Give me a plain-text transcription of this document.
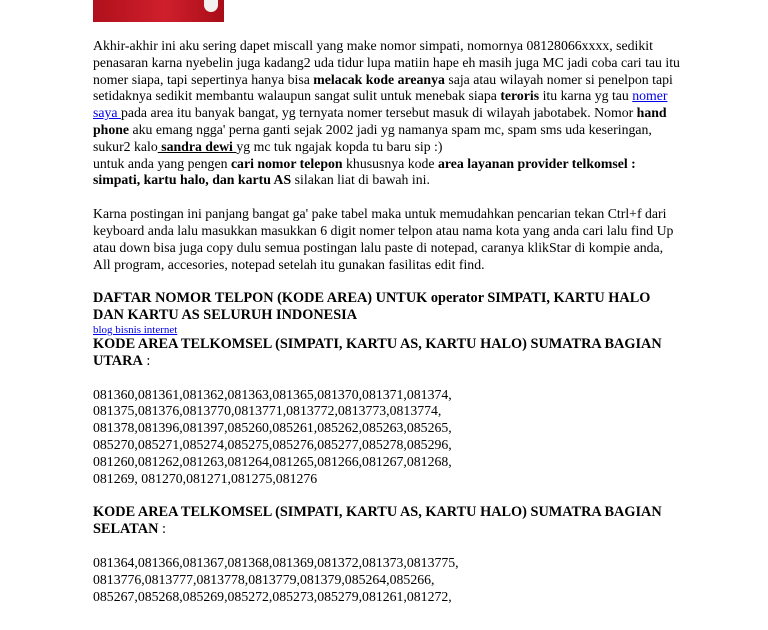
Akhir-akhir ini aku sering dapet miscall yang make nomor simpati, nomornya 08128066xxxx, sedikit penasaran karna nyebelin juga kadang2 uda tidur lupa matiin hape eh masih juga MC jadi coba cari tau itu nomer siapa, tapi sepertinya hanya bisa melacak kode areanya saja atau wilayah nomer si penelpon tapi setidaknya sedikit membantu walaupun sangat sulit untuk menebak siapa teroris itu karna yg tau nomer saya pada area itu banyak bangat, yg ternyata nomer tersebut masuk di wilayah jabotabek. Nomor hand phone aku emang ngga' perna ganti sejak 2002 jadi yg namanya spam mc, spam sms uda keseringan, sukur2 kalo sandra dewi yg mc tuk ngajak kopda tu baru sip :)

untuk anda yang pengen cari nomor telepon khususnya kode area layanan provider telkomsel : simpati, kartu halo, dan kartu AS silakan liat di bawah ini.

Karna postingan ini panjang bangat ga' pake tabel maka untuk memudahkan pencarian tekan Ctrl+f dari keyboard anda lalu masukkan masukkan 6 digit nomer telpon atau nama kota yang anda cari lalu find Up atau down bisa juga copy dulu semua postingan lalu paste di notepad, caranya klikStar di kompie anda, All program, accesories, notepad setelah itu gunakan fasilitas edit find.

DAFTAR NOMOR TELPON (KODE AREA) UNTUK operator SIMPATI, KARTU HALO DAN KARTU AS SELURUH INDONESIA

blog bisnis internet

KODE AREA TELKOMSEL (SIMPATI, KARTU AS, KARTU HALO) SUMATRA BAGIAN UTARA :

081360,081361,081362,081363,081365,081370,081371,081374,
081375,081376,0813770,0813771,0813772,0813773,0813774,
081378,081396,081397,085260,085261,085262,085263,085265,
085270,085271,085274,085275,085276,085277,085278,085296,
081260,081262,081263,081264,081265,081266,081267,081268,
081269, 081270,081271,081275,081276

KODE AREA TELKOMSEL (SIMPATI, KARTU AS, KARTU HALO) SUMATRA BAGIAN SELATAN :

081364,081366,081367,081368,081369,081372,081373,0813775,
0813776,0813777,0813778,0813779,081379,085264,085266,
085267,085268,085269,085272,085273,085279,081261,081272,
